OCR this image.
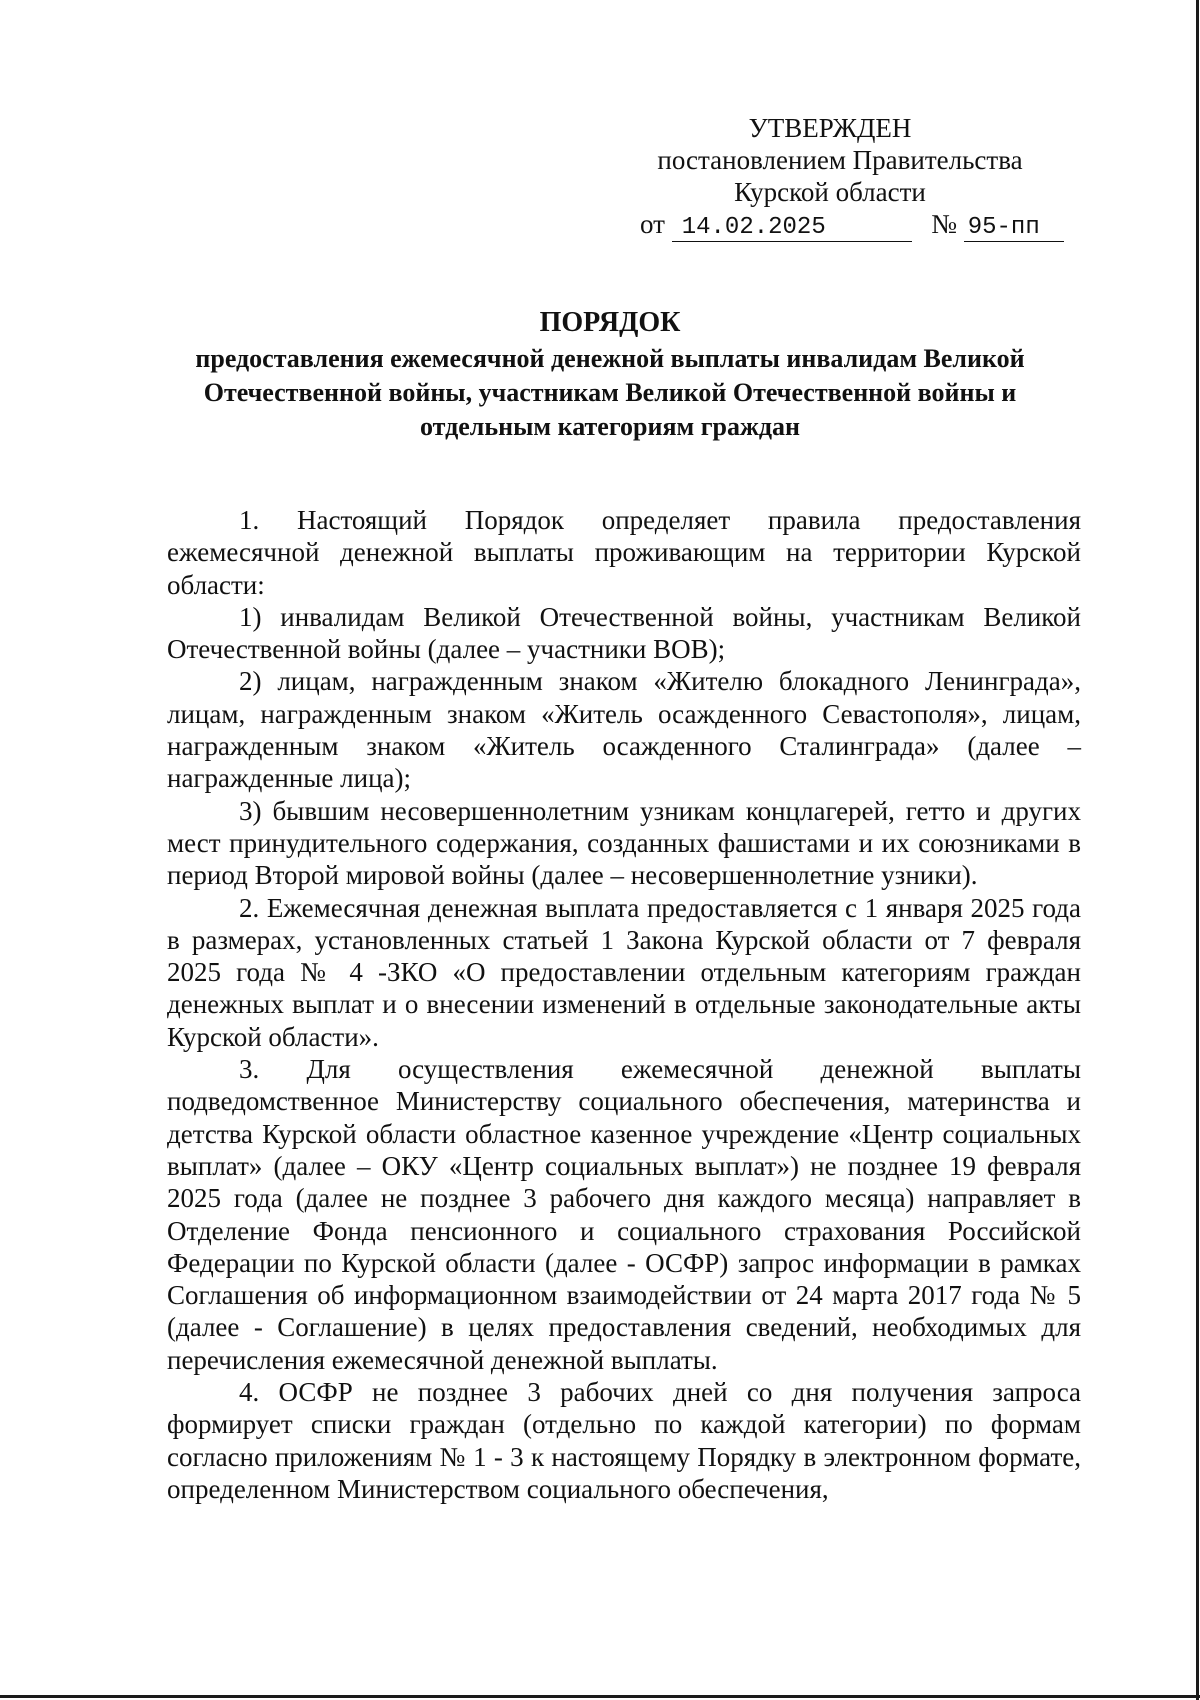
УТВЕРЖДЕН
постановлением Правительства
Курской области
от 14.02.2025	№ 95-пп
ПОРЯДОК
предоставления ежемесячной денежной выплаты инвалидам Великой Отечественной войны, участникам Великой Отечественной войны и отдельным категориям граждан

1. Настоящий Порядок определяет правила предоставления ежемесячной денежной выплаты проживающим на территории Курской области:

1) инвалидам Великой Отечественной войны, участникам Великой Отечественной войны (далее – участники ВОВ);

2) лицам, награжденным знаком «Жителю блокадного Ленинграда», лицам, награжденным знаком «Житель осажденного Севастополя», лицам, награжденным знаком «Житель осажденного Сталинграда» (далее – награжденные лица);

3) бывшим несовершеннолетним узникам концлагерей, гетто и других мест принудительного содержания, созданных фашистами и их союзниками в период Второй мировой войны (далее – несовершеннолетние узники).

2. Ежемесячная денежная выплата предоставляется с 1 января 2025 года в размерах, установленных статьей 1 Закона Курской области от 7 февраля 2025 года № 4 -ЗКО «О предоставлении отдельным категориям граждан денежных выплат и о внесении изменений в отдельные законодательные акты Курской области».

3. Для осуществления ежемесячной денежной выплаты подведомственное Министерству социального обеспечения, материнства и детства Курской области областное казенное учреждение «Центр социальных выплат» (далее – ОКУ «Центр социальных выплат») не позднее 19 февраля 2025 года (далее не позднее 3 рабочего дня каждого месяца) направляет в Отделение Фонда пенсионного и социального страхования Российской Федерации по Курской области (далее - ОСФР) запрос информации в рамках Соглашения об информационном взаимодействии от 24 марта 2017 года № 5 (далее - Соглашение) в целях предоставления сведений, необходимых для перечисления ежемесячной денежной выплаты.

4. ОСФР не позднее 3 рабочих дней со дня получения запроса формирует списки граждан (отдельно по каждой категории) по формам согласно приложениям № 1 - 3 к настоящему Порядку в электронном формате, определенном Министерством социального обеспечения,
